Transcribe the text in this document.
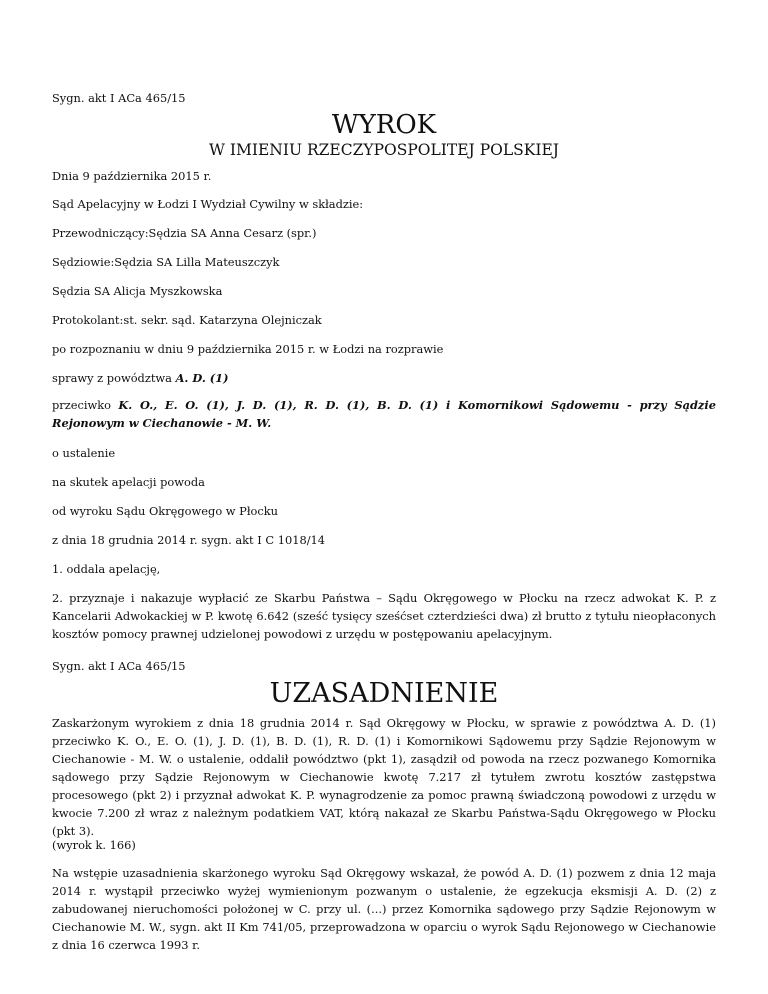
Sygn. akt I ACa 465/15

WYROK
W IMIENIU RZECZYPOSPOLITEJ POLSKIEJ

Dnia 9 października 2015 r.

Sąd Apelacyjny w Łodzi I Wydział Cywilny w składzie:

Przewodniczący:Sędzia SA Anna Cesarz (spr.)

Sędziowie:Sędzia SA Lilla Mateuszczyk

Sędzia SA Alicja Myszkowska

Protokolant:st. sekr. sąd. Katarzyna Olejniczak

po rozpoznaniu w dniu 9 października 2015 r. w Łodzi na rozprawie

sprawy z powództwa A. D. (1)

przeciwko K. O., E. O. (1), J. D. (1), R. D. (1), B. D. (1) i Komornikowi Sądowemu - przy Sądzie Rejonowym w Ciechanowie - M. W.

o ustalenie

na skutek apelacji powoda

od wyroku Sądu Okręgowego w Płocku

z dnia 18 grudnia 2014 r. sygn. akt I C 1018/14

1. oddala apelację,

2. przyznaje i nakazuje wypłacić ze Skarbu Państwa – Sądu Okręgowego w Płocku na rzecz adwokat K. P. z Kancelarii Adwokackiej w P. kwotę 6.642 (sześć tysięcy sześćset czterdzieści dwa) zł brutto z tytułu nieopłaconych kosztów pomocy prawnej udzielonej powodowi z urzędu w postępowaniu apelacyjnym.

Sygn. akt I ACa 465/15

UZASADNIENIE

Zaskarżonym wyrokiem z dnia 18 grudnia 2014 r. Sąd Okręgowy w Płocku, w sprawie z powództwa A. D. (1) przeciwko K. O., E. O. (1), J. D. (1), B. D. (1), R. D. (1) i Komornikowi Sądowemu przy Sądzie Rejonowym w Ciechanowie - M. W. o ustalenie, oddalił powództwo (pkt 1), zasądził od powoda na rzecz pozwanego Komornika sądowego przy Sądzie Rejonowym w Ciechanowie kwotę 7.217 zł tytułem zwrotu kosztów zastępstwa procesowego (pkt 2) i przyznał adwokat K. P. wynagrodzenie za pomoc prawną świadczoną powodowi z urzędu w kwocie 7.200 zł wraz z należnym podatkiem VAT, którą nakazał ze Skarbu Państwa-Sądu Okręgowego w Płocku (pkt 3).

(wyrok k. 166)

Na wstępie uzasadnienia skarżonego wyroku Sąd Okręgowy wskazał, że powód A. D. (1) pozwem z dnia 12 maja 2014 r. wystąpił przeciwko wyżej wymienionym pozwanym o ustalenie, że egzekucja eksmisji A. D. (2) z zabudowanej nieruchomości położonej w C. przy ul. (...) przez Komornika sądowego przy Sądzie Rejonowym w Ciechanowie M. W., sygn. akt II Km 741/05, przeprowadzona w oparciu o wyrok Sądu Rejonowego w Ciechanowie z dnia 16 czerwca 1993 r.
